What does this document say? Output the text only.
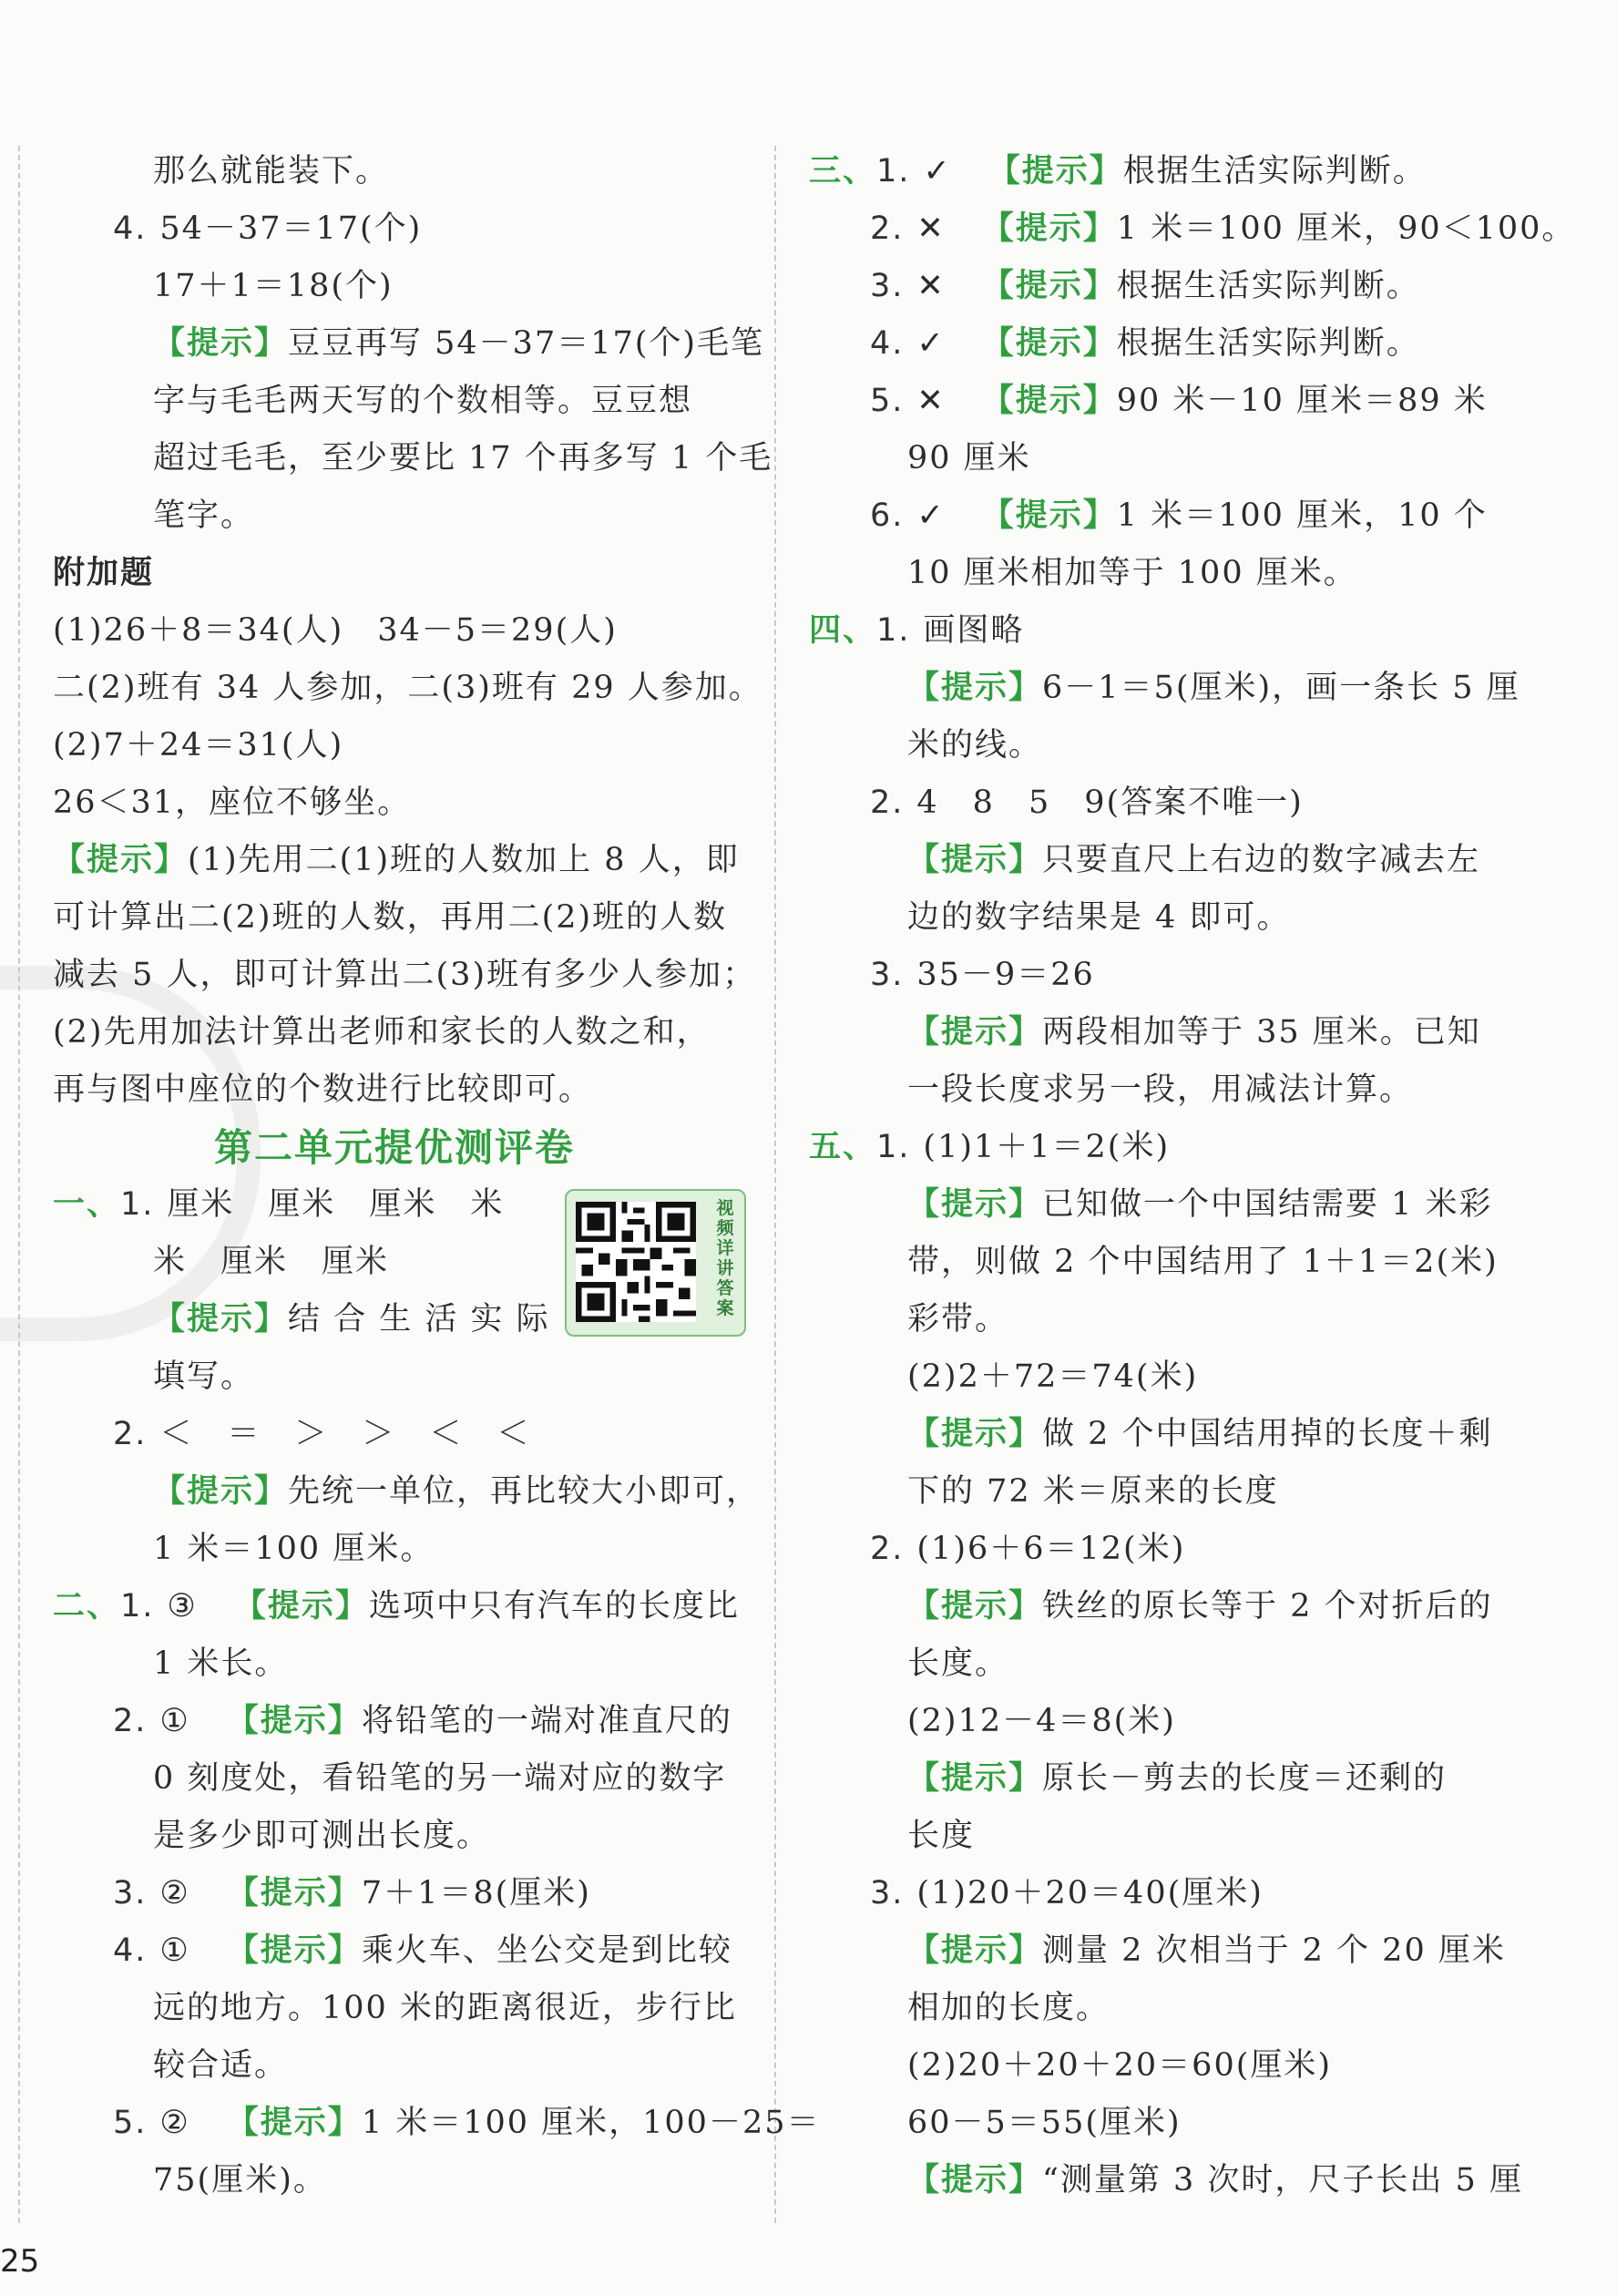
那么就能装下。
4. 54－37＝17(个)
17＋1＝18(个)
【提示】豆豆再写 54－37＝17(个)毛笔
字与毛毛两天写的个数相等。豆豆想
超过毛毛，至少要比 17 个再多写 1 个毛
笔字。
附加题
(1)26＋8＝34(人)　34－5＝29(人)
二(2)班有 34 人参加，二(3)班有 29 人参加。
(2)7＋24＝31(人)
26＜31，座位不够坐。
【提示】(1)先用二(1)班的人数加上 8 人，即
可计算出二(2)班的人数，再用二(2)班的人数
减去 5 人，即可计算出二(3)班有多少人参加；
(2)先用加法计算出老师和家长的人数之和，
再与图中座位的个数进行比较即可。
第二单元提优测评卷
一、1. 厘米　厘米　厘米　米
米　厘米　厘米
【提示】结 合 生 活 实 际
填写。
视频详讲答案
2. ＜　＝　＞　＞　＜　＜
【提示】先统一单位，再比较大小即可，
1 米＝100 厘米。
二、1. ③ 【提示】选项中只有汽车的长度比
1 米长。
2. ① 【提示】将铅笔的一端对准直尺的
0 刻度处，看铅笔的另一端对应的数字
是多少即可测出长度。
3. ② 【提示】7＋1＝8(厘米)
4. ① 【提示】乘火车、坐公交是到比较
远的地方。100 米的距离很近，步行比
较合适。
5. ② 【提示】1 米＝100 厘米，100－25＝
75(厘米)。
三、1. ✓ 【提示】根据生活实际判断。
2. ✕ 【提示】1 米＝100 厘米，90＜100。
3. ✕ 【提示】根据生活实际判断。
4. ✓ 【提示】根据生活实际判断。
5. ✕ 【提示】90 米－10 厘米＝89 米
90 厘米
6. ✓ 【提示】1 米＝100 厘米，10 个
10 厘米相加等于 100 厘米。
四、1. 画图略
【提示】6－1＝5(厘米)，画一条长 5 厘
米的线。
2. 4　8　5　9(答案不唯一)
【提示】只要直尺上右边的数字减去左
边的数字结果是 4 即可。
3. 35－9＝26
【提示】两段相加等于 35 厘米。已知
一段长度求另一段，用减法计算。
五、1. (1)1＋1＝2(米)
【提示】已知做一个中国结需要 1 米彩
带，则做 2 个中国结用了 1＋1＝2(米)
彩带。
(2)2＋72＝74(米)
【提示】做 2 个中国结用掉的长度＋剩
下的 72 米＝原来的长度
2. (1)6＋6＝12(米)
【提示】铁丝的原长等于 2 个对折后的
长度。
(2)12－4＝8(米)
【提示】原长－剪去的长度＝还剩的
长度
3. (1)20＋20＝40(厘米)
【提示】测量 2 次相当于 2 个 20 厘米
相加的长度。
(2)20＋20＋20＝60(厘米)
60－5＝55(厘米)
【提示】“测量第 3 次时，尺子长出 5 厘
25
